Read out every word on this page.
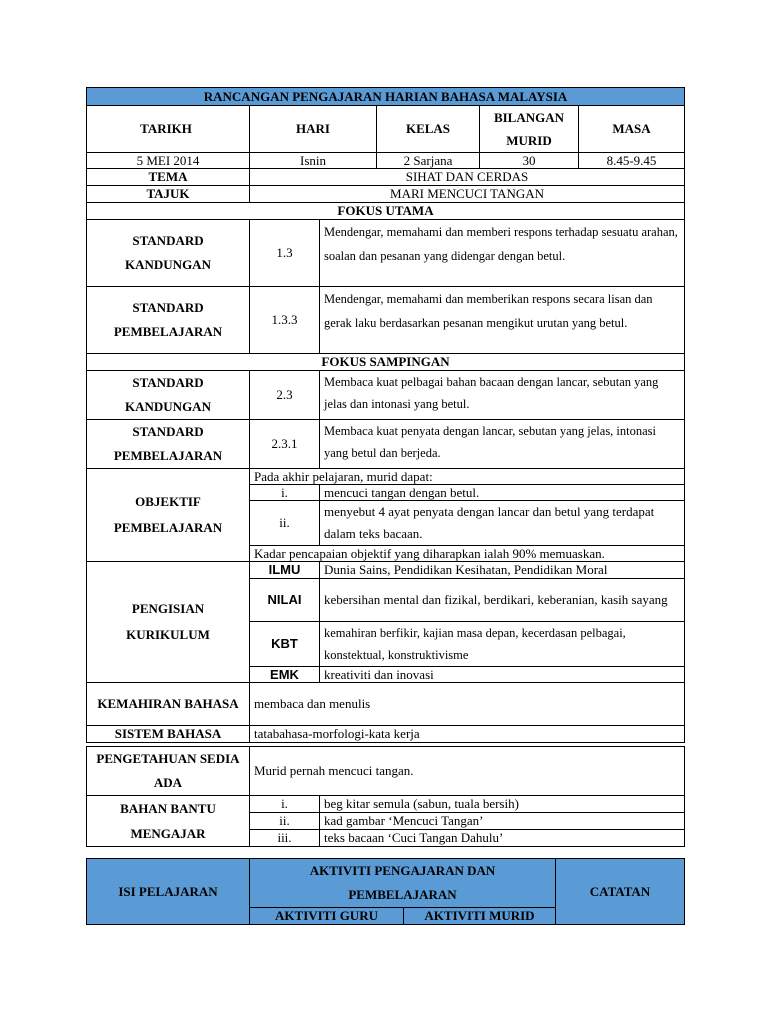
RANCANGAN PENGAJARAN HARIAN BAHASA MALAYSIA					
TARIKH	HARI		KELAS	BILANGAN MURID	MASA
5 MEI 2014	Isnin		2 Sarjana	30	8.45-9.45
TEMA	SIHAT DAN CERDAS				
TAJUK	MARI MENCUCI TANGAN				
FOKUS UTAMA					
STANDARD KANDUNGAN	1.3	Mendengar, memahami dan memberi respons terhadap sesuatu arahan, soalan dan pesanan yang didengar dengan betul.			
STANDARD PEMBELAJARAN	1.3.3	Mendengar, memahami dan memberikan respons secara lisan dan gerak laku berdasarkan pesanan mengikut urutan yang betul.			
FOKUS SAMPINGAN					
STANDARD KANDUNGAN	2.3	Membaca kuat pelbagai bahan bacaan dengan lancar, sebutan yang jelas dan intonasi yang betul.			
STANDARD PEMBELAJARAN	2.3.1	Membaca kuat penyata dengan lancar, sebutan yang jelas, intonasi yang betul dan berjeda.			
OBJEKTIF PEMBELAJARAN	Pada akhir pelajaran, murid dapat:				
	i.	mencuci tangan dengan betul.			
	ii.	menyebut 4 ayat penyata dengan lancar dan betul yang terdapat dalam teks bacaan.			
	Kadar pencapaian objektif yang diharapkan ialah 90% memuaskan.				
PENGISIAN KURIKULUM	ILMU	Dunia Sains, Pendidikan Kesihatan, Pendidikan Moral			
	NILAI	kebersihan mental dan fizikal, berdikari, keberanian, kasih sayang			
	KBT	kemahiran berfikir, kajian masa depan, kecerdasan pelbagai, konstektual, konstruktivisme			
	EMK	kreativiti dan inovasi			
KEMAHIRAN BAHASA	membaca dan menulis				
SISTEM BAHASA	tatabahasa-morfologi-kata kerja				
PENGETAHUAN SEDIA ADA	Murid pernah mencuci tangan.	
BAHAN BANTU MENGAJAR	i.	beg kitar semula (sabun, tuala bersih)
	ii.	kad gambar ‘Mencuci Tangan’
	iii.	teks bacaan ‘Cuci Tangan Dahulu’
ISI PELAJARAN	AKTIVITI PENGAJARAN DAN PEMBELAJARAN		CATATAN
	AKTIVITI GURU	AKTIVITI MURID	
